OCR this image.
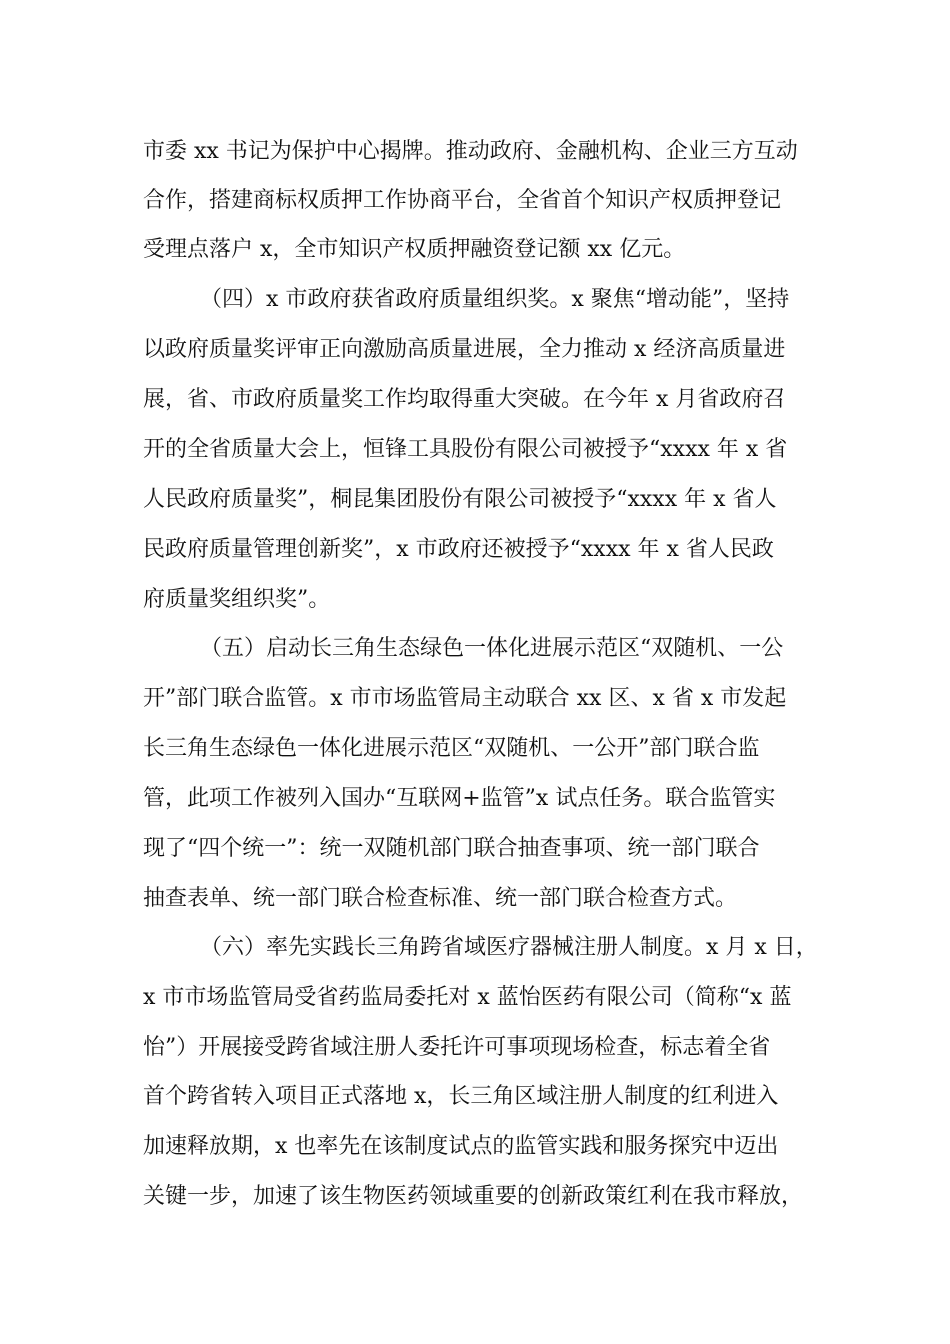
市委 xx 书记为保护中心揭牌。推动政府、金融机构、企业三方互动
合作，搭建商标权质押工作协商平台，全省首个知识产权质押登记
受理点落户 x，全市知识产权质押融资登记额 xx 亿元。
（四）x 市政府获省政府质量组织奖。x 聚焦“增动能”，坚持
以政府质量奖评审正向激励高质量进展，全力推动 x 经济高质量进
展，省、市政府质量奖工作均取得重大突破。在今年 x 月省政府召
开的全省质量大会上，恒锋工具股份有限公司被授予“xxxx 年 x 省
人民政府质量奖”，桐昆集团股份有限公司被授予“xxxx 年 x 省人
民政府质量管理创新奖”，x 市政府还被授予“xxxx 年 x 省人民政
府质量奖组织奖”。
（五）启动长三角生态绿色一体化进展示范区“双随机、一公
开”部门联合监管。x 市市场监管局主动联合 xx 区、x 省 x 市发起
长三角生态绿色一体化进展示范区“双随机、一公开”部门联合监
管，此项工作被列入国办“互联网+监管”x 试点任务。联合监管实
现了“四个统一”：统一双随机部门联合抽查事项、统一部门联合
抽查表单、统一部门联合检查标准、统一部门联合检查方式。
（六）率先实践长三角跨省域医疗器械注册人制度。x 月 x 日，
x 市市场监管局受省药监局委托对 x 蓝怡医药有限公司（简称“x 蓝
怡”）开展接受跨省域注册人委托许可事项现场检查，标志着全省
首个跨省转入项目正式落地 x，长三角区域注册人制度的红利进入
加速释放期，x 也率先在该制度试点的监管实践和服务探究中迈出
关键一步，加速了该生物医药领域重要的创新政策红利在我市释放，
